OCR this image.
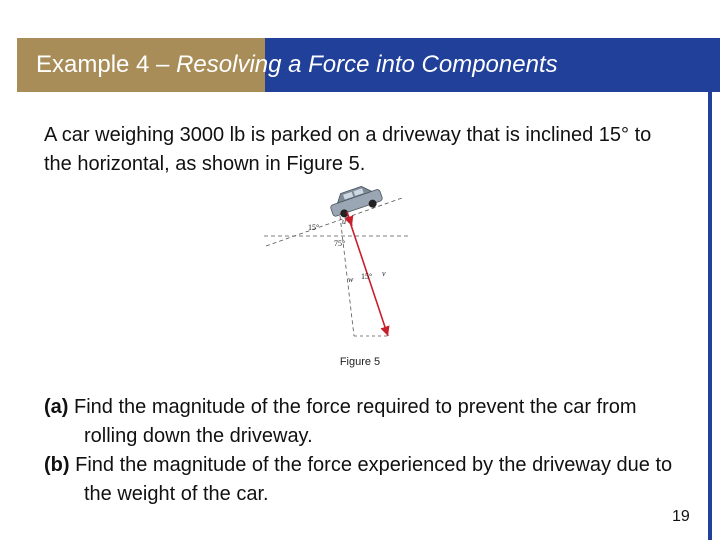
Example 4 – Resolving a Force into Components
A car weighing 3000 lb is parked on a driveway that is inclined 15° to the horizontal, as shown in Figure 5.
15°
u
75°
15°
w
v
Figure 5
(a) Find the magnitude of the force required to prevent the car from rolling down the driveway.
(b) Find the magnitude of the force experienced by the driveway due to the weight of the car.
19
